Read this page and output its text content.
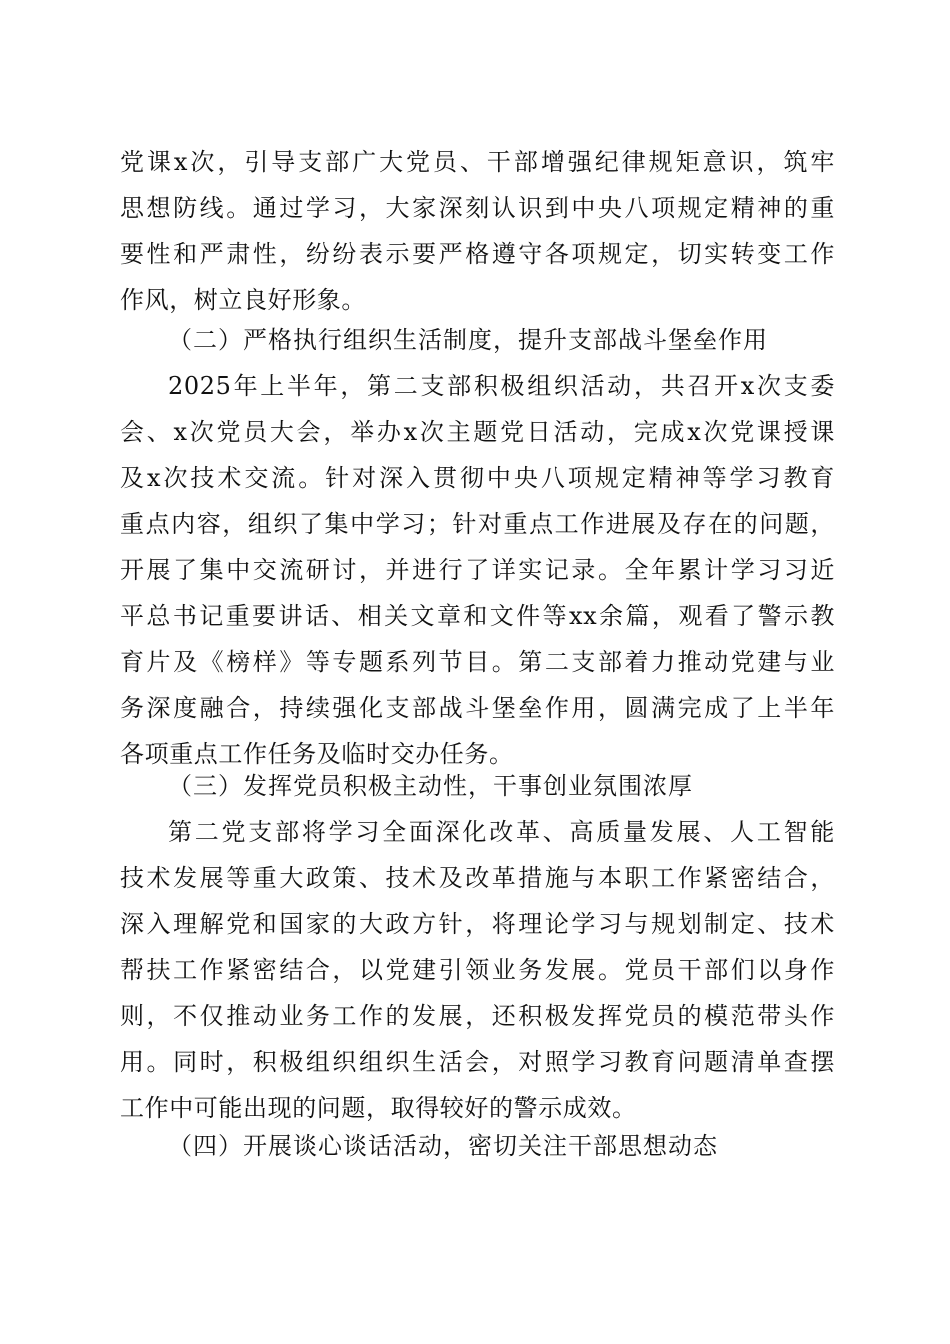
党课x次，引导支部广大党员、干部增强纪律规矩意识，筑牢
思想防线。通过学习，大家深刻认识到中央八项规定精神的重
要性和严肃性，纷纷表示要严格遵守各项规定，切实转变工作
作风，树立良好形象。
（二）严格执行组织生活制度，提升支部战斗堡垒作用
2025年上半年，第二支部积极组织活动，共召开x次支委
会、x次党员大会，举办x次主题党日活动，完成x次党课授课
及x次技术交流。针对深入贯彻中央八项规定精神等学习教育
重点内容，组织了集中学习；针对重点工作进展及存在的问题，
开展了集中交流研讨，并进行了详实记录。全年累计学习习近
平总书记重要讲话、相关文章和文件等xx余篇，观看了警示教
育片及《榜样》等专题系列节目。第二支部着力推动党建与业
务深度融合，持续强化支部战斗堡垒作用，圆满完成了上半年
各项重点工作任务及临时交办任务。
（三）发挥党员积极主动性，干事创业氛围浓厚
第二党支部将学习全面深化改革、高质量发展、人工智能
技术发展等重大政策、技术及改革措施与本职工作紧密结合，
深入理解党和国家的大政方针，将理论学习与规划制定、技术
帮扶工作紧密结合，以党建引领业务发展。党员干部们以身作
则，不仅推动业务工作的发展，还积极发挥党员的模范带头作
用。同时，积极组织组织生活会，对照学习教育问题清单查摆
工作中可能出现的问题，取得较好的警示成效。
（四）开展谈心谈话活动，密切关注干部思想动态
